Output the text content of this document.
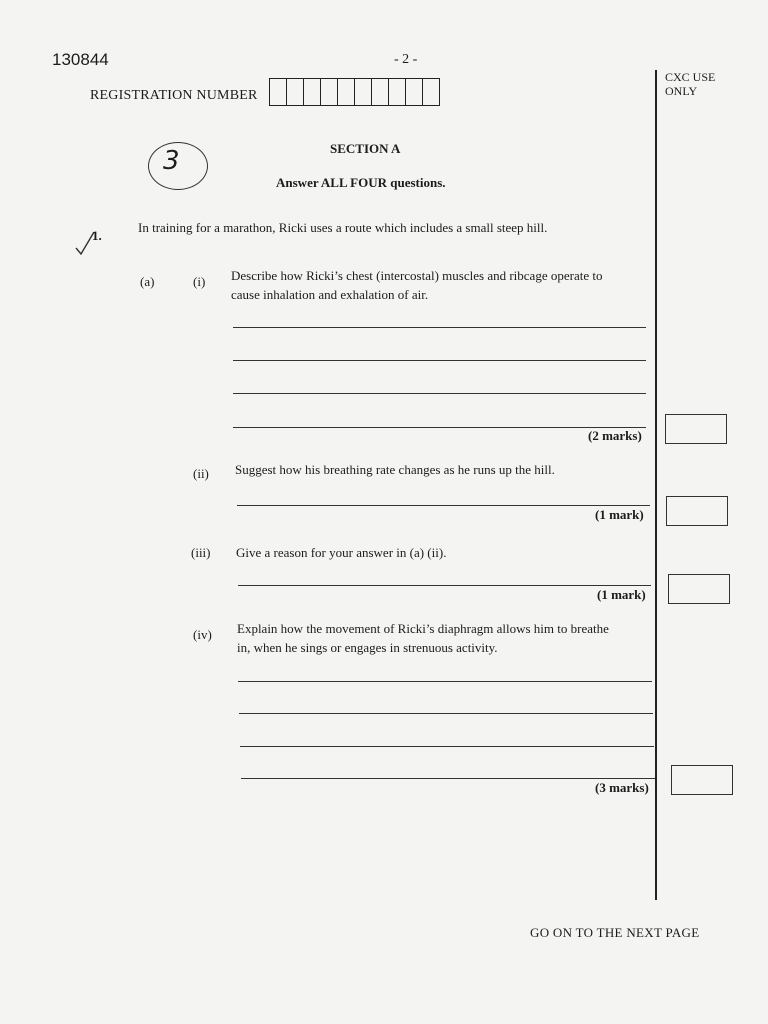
130844	- 2 -
REGISTRATION NUMBER
CXC USE ONLY
3	SECTION A
Answer ALL FOUR questions.
1.
In training for a marathon, Ricki uses a route which includes a small steep hill.
(a)	(i) Describe how Ricki’s chest (intercostal) muscles and ribcage operate to
cause inhalation and exhalation of air.
(2 marks)
(ii) Suggest how his breathing rate changes as he runs up the hill.
(1 mark)
(iii) Give a reason for your answer in (a) (ii).
(1 mark)
(iv) Explain how the movement of Ricki’s diaphragm allows him to breathe
in, when he sings or engages in strenuous activity.
(3 marks)
GO ON TO THE NEXT PAGE
